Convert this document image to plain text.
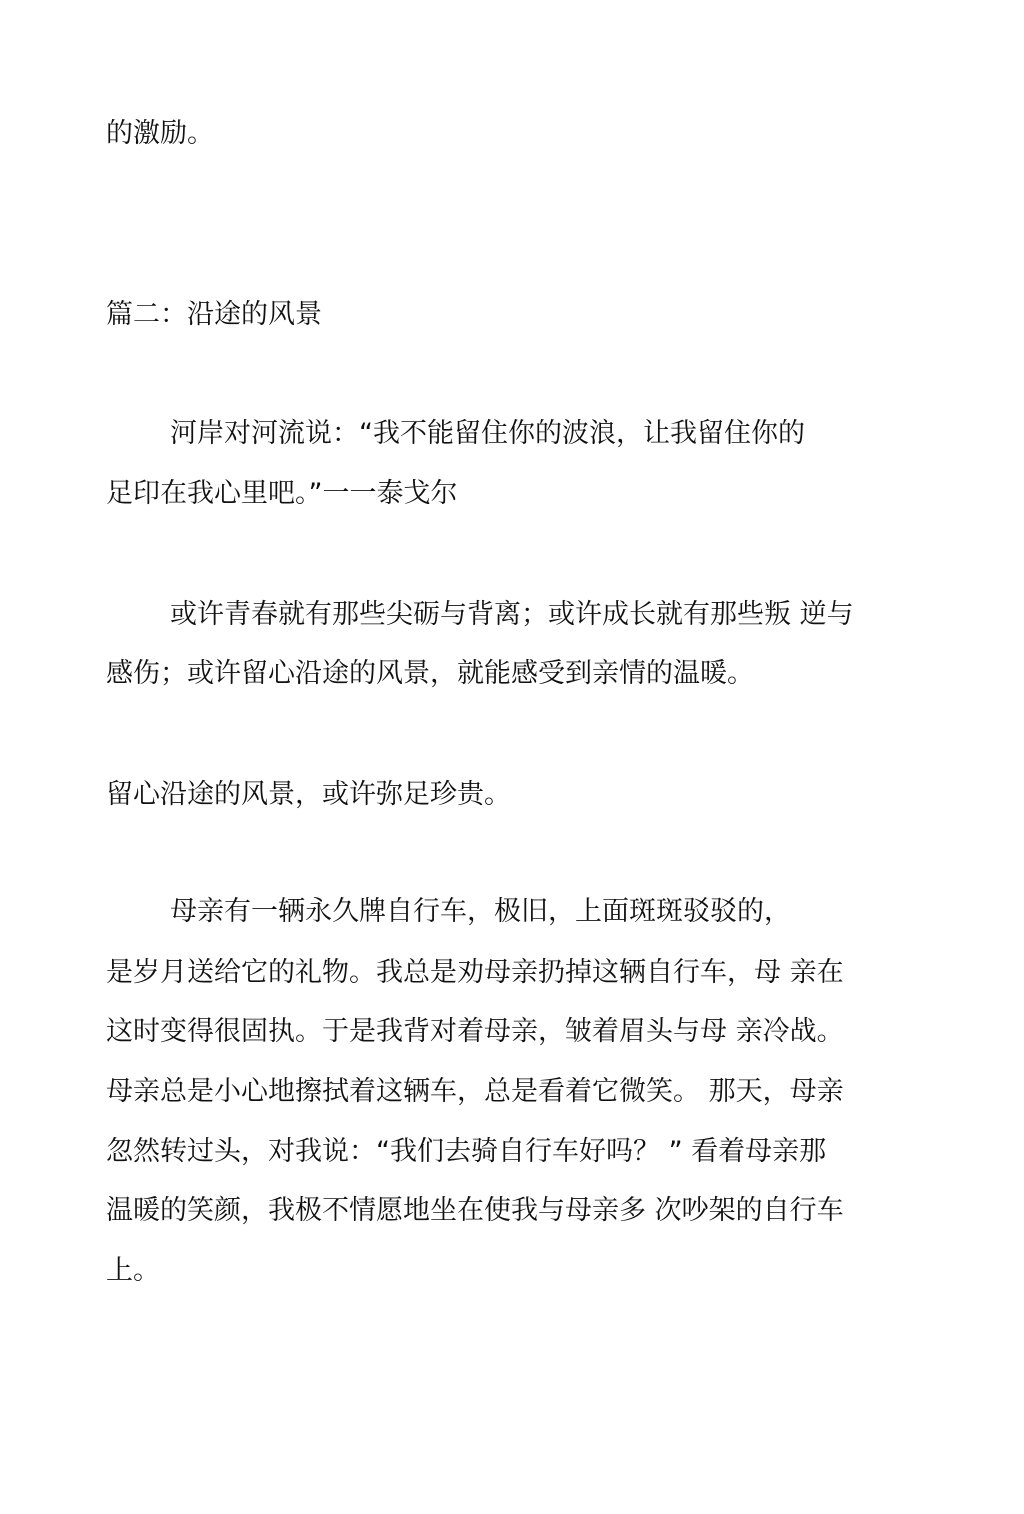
的激励。
篇二：沿途的风景
河岸对河流说：“我不能留住你的波浪，让我留住你的
足印在我心里吧。”一一泰戈尔
或许青春就有那些尖砺与背离；或许成长就有那些叛 逆与
感伤；或许留心沿途的风景，就能感受到亲情的温暖。
留心沿途的风景，或许弥足珍贵。
母亲有一辆永久牌自行车，极旧，上面斑斑驳驳的，
是岁月送给它的礼物。我总是劝母亲扔掉这辆自行车，母 亲在
这时变得很固执。于是我背对着母亲，皱着眉头与母 亲冷战。
母亲总是小心地擦拭着这辆车，总是看着它微笑。 那天，母亲
忽然转过头，对我说：“我们去骑自行车好吗？ ” 看着母亲那
温暖的笑颜，我极不情愿地坐在使我与母亲多 次吵架的自行车
上。
